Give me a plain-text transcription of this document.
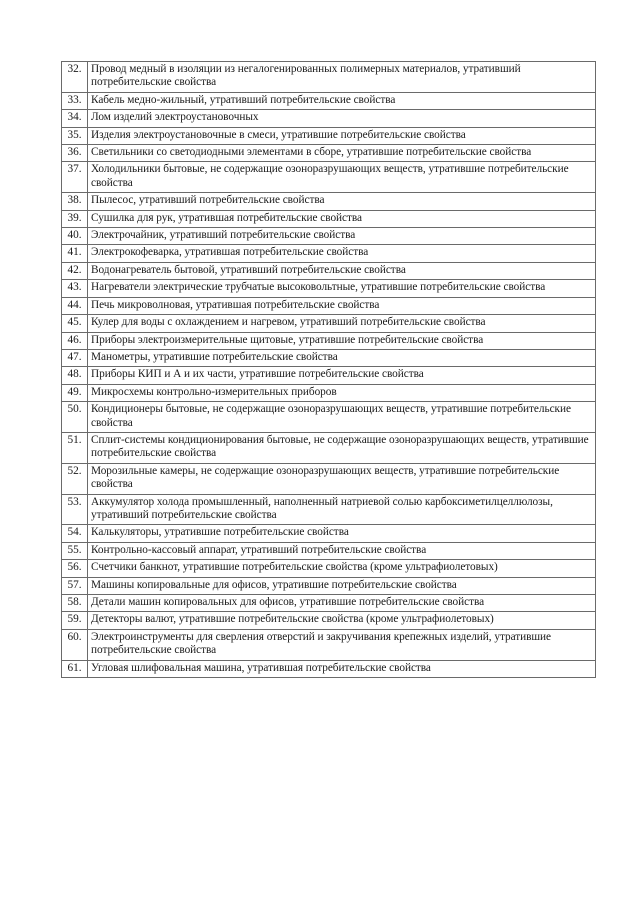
32.	Провод медный в изоляции из негалогенированных полимерных материалов, утративший потребительские свойства
33.	Кабель медно-жильный, утративший потребительские свойства
34.	Лом изделий электроустановочных
35.	Изделия электроустановочные в смеси, утратившие потребительские свойства
36.	Светильники со светодиодными элементами в сборе, утратившие потребительские свойства
37.	Холодильники бытовые, не содержащие озоноразрушающих веществ, утратившие потребительские свойства
38.	Пылесос, утративший потребительские свойства
39.	Сушилка для рук, утратившая потребительские свойства
40.	Электрочайник, утративший потребительские свойства
41.	Электрокофеварка, утратившая потребительские свойства
42.	Водонагреватель бытовой, утративший потребительские свойства
43.	Нагреватели электрические трубчатые высоковольтные, утратившие потребительские свойства
44.	Печь микроволновая, утратившая потребительские свойства
45.	Кулер для воды с охлаждением и нагревом, утративший потребительские свойства
46.	Приборы электроизмерительные щитовые, утратившие потребительские свойства
47.	Манометры, утратившие потребительские свойства
48.	Приборы КИП и А и их части, утратившие потребительские свойства
49.	Микросхемы контрольно-измерительных приборов
50.	Кондиционеры бытовые, не содержащие озоноразрушающих веществ, утратившие потребительские свойства
51.	Сплит-системы кондиционирования бытовые, не содержащие озоноразрушающих веществ, утратившие потребительские свойства
52.	Морозильные камеры, не содержащие озоноразрушающих веществ, утратившие потребительские свойства
53.	Аккумулятор холода промышленный, наполненный натриевой солью карбоксиметилцеллюлозы, утративший потребительские свойства
54.	Калькуляторы, утратившие потребительские свойства
55.	Контрольно-кассовый аппарат, утративший потребительские свойства
56.	Счетчики банкнот, утратившие потребительские свойства (кроме ультрафиолетовых)
57.	Машины копировальные для офисов, утратившие потребительские свойства
58.	Детали машин копировальных для офисов, утратившие потребительские свойства
59.	Детекторы валют, утратившие потребительские свойства (кроме ультрафиолетовых)
60.	Электроинструменты для сверления отверстий и закручивания крепежных изделий, утратившие потребительские свойства
61.	Угловая шлифовальная машина, утратившая потребительские свойства
